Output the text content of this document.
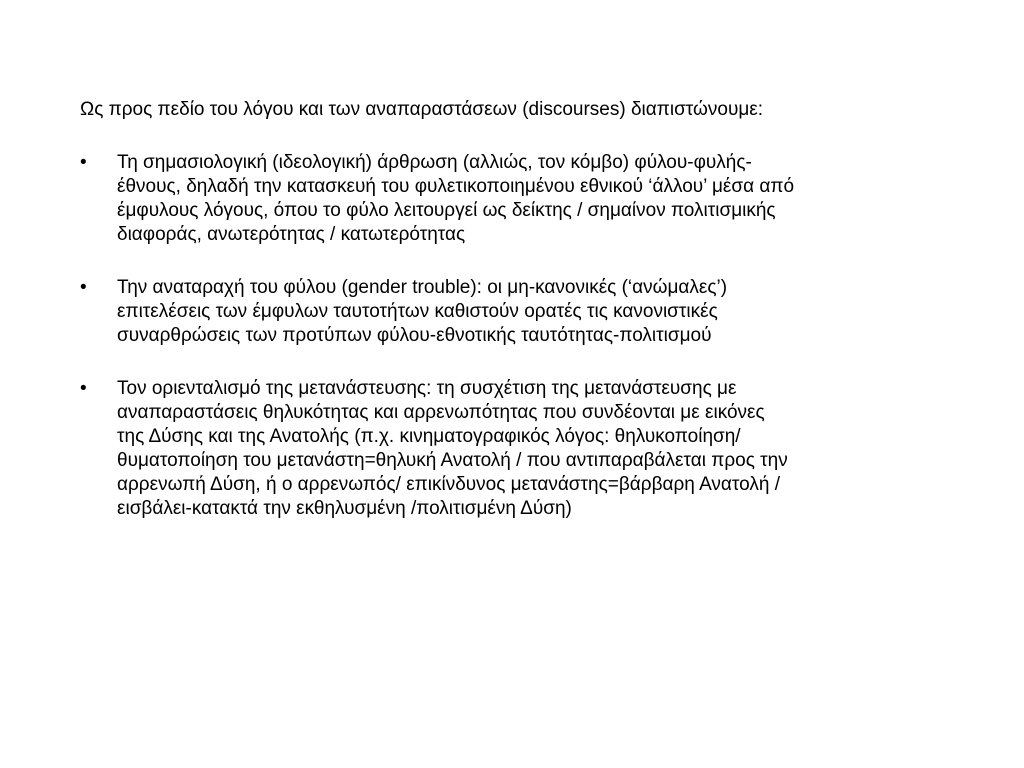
Ως προς πεδίο του λόγου και των αναπαραστάσεων (discourses) διαπιστώνουμε:

• Τη σημασιολογική (ιδεολογική) άρθρωση (αλλιώς, τον κόμβο) φύλου-φυλής-
έθνους, δηλαδή την κατασκευή του φυλετικοποιημένου εθνικού ‘άλλου’ μέσα από
έμφυλους λόγους, όπου το φύλο λειτουργεί ως δείκτης / σημαίνον πολιτισμικής
διαφοράς, ανωτερότητας / κατωτερότητας
• Την αναταραχή του φύλου (gender trouble): οι μη-κανονικές (‘ανώμαλες’)
επιτελέσεις των έμφυλων ταυτοτήτων καθιστούν ορατές τις κανονιστικές
συναρθρώσεις των προτύπων φύλου-εθνοτικής ταυτότητας-πολιτισμού
• Τον οριενταλισμό της μετανάστευσης: τη συσχέτιση της μετανάστευσης με
αναπαραστάσεις θηλυκότητας και αρρενωπότητας που συνδέονται με εικόνες
της Δύσης και της Ανατολής (π.χ. κινηματογραφικός λόγος: θηλυκοποίηση/
θυματοποίηση του μετανάστη=θηλυκή Ανατολή / που αντιπαραβάλεται προς την
αρρενωπή Δύση, ή ο αρρενωπός/ επικίνδυνος μετανάστης=βάρβαρη Ανατολή /
εισβάλει-κατακτά την εκθηλυσμένη /πολιτισμένη Δύση)
